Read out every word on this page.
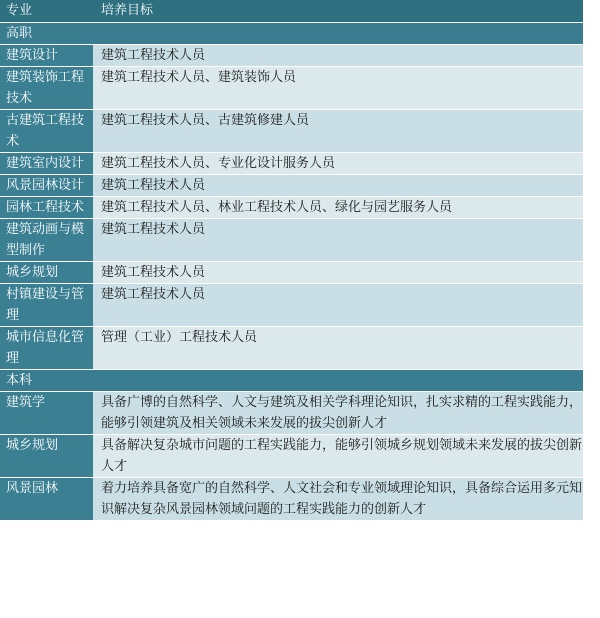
专业	培养目标
高职	
建筑设计	建筑工程技术人员
建筑装饰工程技术	建筑工程技术人员、建筑装饰人员
古建筑工程技术	建筑工程技术人员、古建筑修建人员
建筑室内设计	建筑工程技术人员、专业化设计服务人员
风景园林设计	建筑工程技术人员
园林工程技术	建筑工程技术人员、林业工程技术人员、绿化与园艺服务人员
建筑动画与模型制作	建筑工程技术人员
城乡规划	建筑工程技术人员
村镇建设与管理	建筑工程技术人员
城市信息化管理	管理（工业）工程技术人员
本科	
建筑学	具备广博的自然科学、人文与建筑及相关学科理论知识，扎实求精的工程实践能力，能够引领建筑及相关领域未来发展的拔尖创新人才
城乡规划	具备解决复杂城市问题的工程实践能力，能够引领城乡规划领域未来发展的拔尖创新人才
风景园林	着力培养具备宽广的自然科学、人文社会和专业领域理论知识，具备综合运用多元知识解决复杂风景园林领域问题的工程实践能力的创新人才
